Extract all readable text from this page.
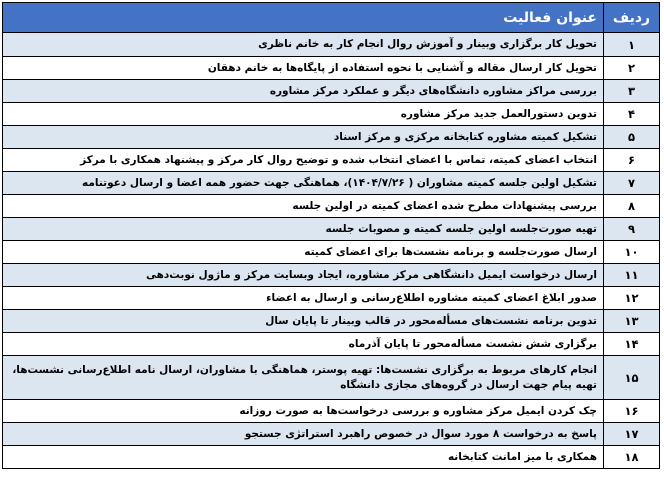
ردیف	عنوان فعالیت
۱	تحویل کار برگزاری وبینار و آموزش روال انجام کار به خانم ناظری
۲	تحویل کار ارسال مقاله و آشنایی با نحوه استفاده از پایگاه‌ها به خانم دهقان
۳	بررسی مراکز مشاوره دانشگاه‌های دیگر و عملکرد مرکز مشاوره
۴	تدوین دستورالعمل جدید مرکز مشاوره
۵	تشکیل کمیته مشاوره کتابخانه مرکزی و مرکز اسناد
۶	انتخاب اعضای کمیته، تماس با اعضای انتخاب شده و توضیح روال کار مرکز و پیشنهاد همکاری با مرکز
۷	تشکیل اولین جلسه کمیته مشاوران ( ۱۴۰۴/۷/۲۶)، هماهنگی جهت حضور همه اعضا و ارسال دعوتنامه
۸	بررسی پیشنهادات مطرح شده اعضای کمیته در اولین جلسه
۹	تهیه صورت‌جلسه اولین جلسه کمیته و مصوبات جلسه
۱۰	ارسال صورت‌جلسه و برنامه نشست‌ها برای اعضای کمیته
۱۱	ارسال درخواست ایمیل دانشگاهی مرکز مشاوره، ایجاد وبسایت مرکز و ماژول نوبت‌دهی
۱۲	صدور ابلاغ اعضای کمیته مشاوره اطلاع‌رسانی و ارسال به اعضاء
۱۳	تدوین برنامه نشست‌های مسأله‌محور در قالب وبینار تا پایان سال
۱۴	برگزاری شش نشست مسأله‌محور تا پایان آذرماه
۱۵	انجام کارهای مربوط به برگزاری نشست‌ها: تهیه پوستر، هماهنگی با مشاوران، ارسال نامه اطلاع‌رسانی نشست‌ها، تهیه پیام جهت ارسال در گروه‌های مجازی دانشگاه
۱۶	چک کردن ایمیل مرکز مشاوره و بررسی درخواست‌ها به صورت روزانه
۱۷	پاسخ به درخواست ۸ مورد سوال در خصوص راهبرد استراتژی جستجو
۱۸	همکاری با میز امانت کتابخانه
